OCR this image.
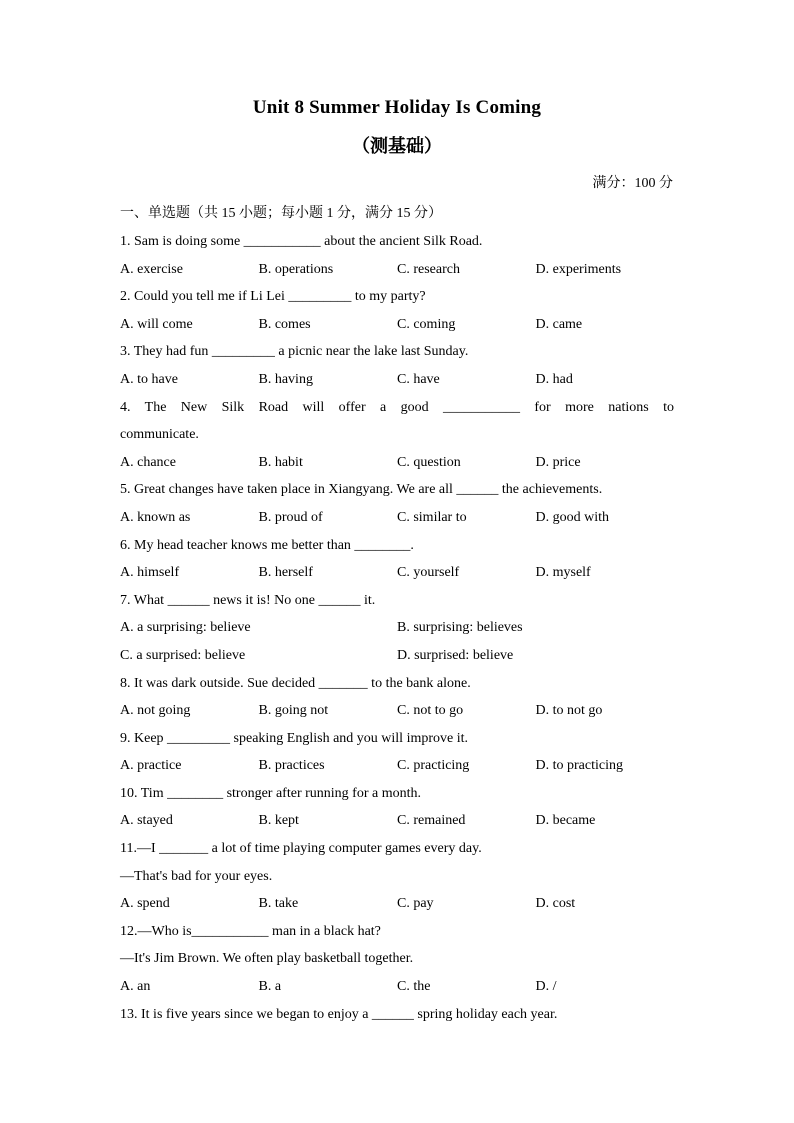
Unit 8 Summer Holiday Is Coming
（测基础）
满分：100 分
一、单选题（共 15 小题；每小题 1 分，满分 15 分）
1. Sam is doing some ___________ about the ancient Silk Road.
A. exercise	B. operations	C. research	D. experiments
2. Could you tell me if Li Lei _________ to my party?
A. will come	B. comes	C. coming	D. came
3. They had fun _________ a picnic near the lake last Sunday.
A. to have	B. having	C. have	D. had
4. The New Silk Road will offer a good ___________ for more nations to
communicate.
A. chance	B. habit	C. question	D. price
5. Great changes have taken place in Xiangyang. We are all ______ the achievements.
A. known as	B. proud of	C. similar to	D. good with
6. My head teacher knows me better than ________.
A. himself	B. herself	C. yourself	D. myself
7. What ______ news it is! No one ______ it.
A. a surprising: believe	B. surprising: believes
C. a surprised: believe	D. surprised: believe
8. It was dark outside. Sue decided _______ to the bank alone.
A. not going	B. going not	C. not to go	D. to not go
9. Keep _________ speaking English and you will improve it.
A. practice	B. practices	C. practicing	D. to practicing
10. Tim ________ stronger after running for a month.
A. stayed	B. kept	C. remained	D. became
11.—I _______ a lot of time playing computer games every day.
—That's bad for your eyes.
A. spend	B. take	C. pay	D. cost
12.—Who is___________ man in a black hat?
—It's Jim Brown. We often play basketball together.
A. an	B. a	C. the	D. /
13. It is five years since we began to enjoy a ______ spring holiday each year.
